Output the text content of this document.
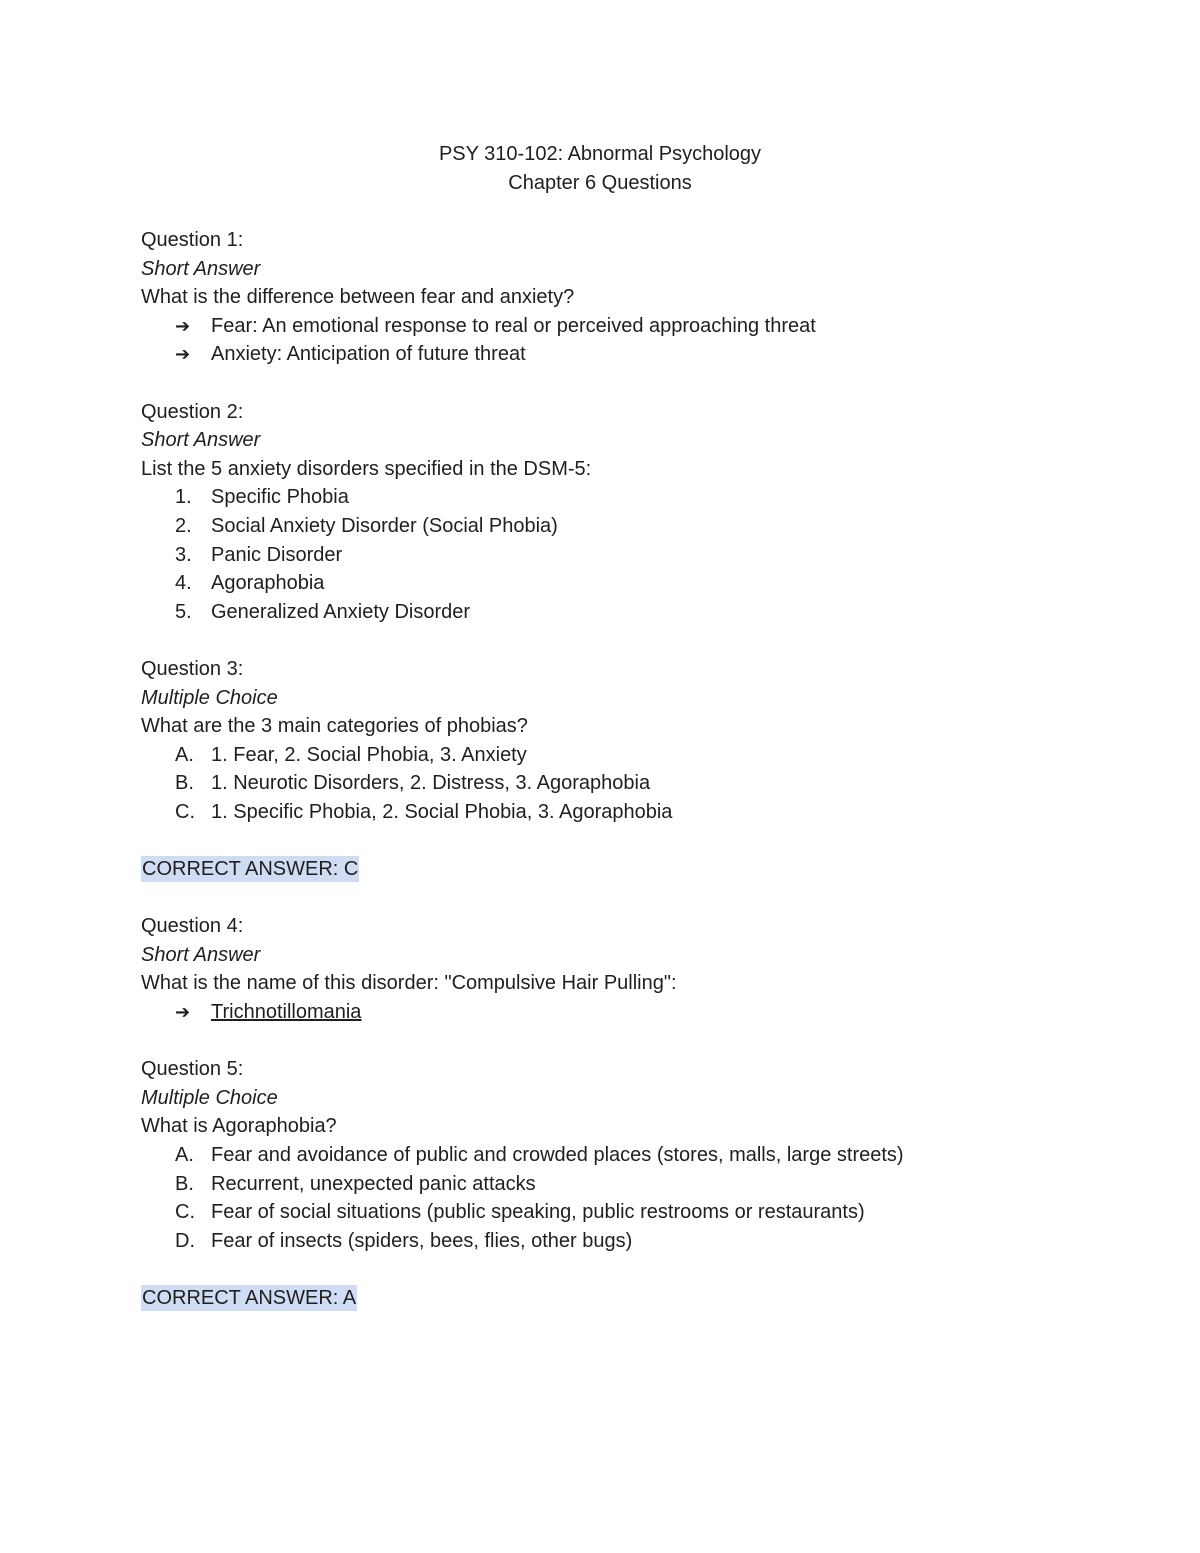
PSY 310-102: Abnormal Psychology
Chapter 6 Questions
Question 1:
Short Answer
What is the difference between fear and anxiety?
➔ Fear: An emotional response to real or perceived approaching threat
➔ Anxiety: Anticipation of future threat
Question 2:
Short Answer
List the 5 anxiety disorders specified in the DSM-5:
1. Specific Phobia
2. Social Anxiety Disorder (Social Phobia)
3. Panic Disorder
4. Agoraphobia
5. Generalized Anxiety Disorder
Question 3:
Multiple Choice
What are the 3 main categories of phobias?
A. 1. Fear, 2. Social Phobia, 3. Anxiety
B. 1. Neurotic Disorders, 2. Distress, 3. Agoraphobia
C. 1. Specific Phobia, 2. Social Phobia, 3. Agoraphobia
CORRECT ANSWER: C
Question 4:
Short Answer
What is the name of this disorder: "Compulsive Hair Pulling":
➔ Trichnotillomania
Question 5:
Multiple Choice
What is Agoraphobia?
A. Fear and avoidance of public and crowded places (stores, malls, large streets)
B. Recurrent, unexpected panic attacks
C. Fear of social situations (public speaking, public restrooms or restaurants)
D. Fear of insects (spiders, bees, flies, other bugs)
CORRECT ANSWER: A
